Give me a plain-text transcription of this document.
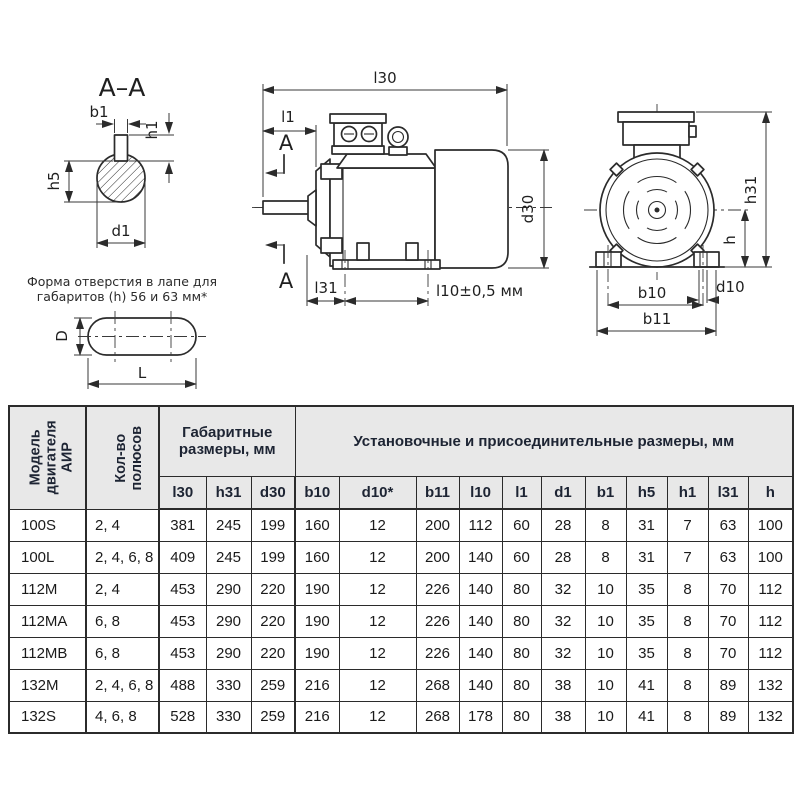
A–A
b1
h1
h5
d1
Форма отверстия в лапе для
габаритов (h) 56 и 63 мм*
D
L
A
A
l30
l1
d30
l31	l10±0,5 мм
h31
h
d10
b10
b11
Модель двигателя АИР	Кол-во полюсов	Габаритные размеры, мм			Установочные и присоединительные размеры, мм										
		l30	h31	d30	b10	d10*	b11	l10	l1	d1	b1	h5	h1	l31	h
100S	2, 4	381	245	199	160	12	200	112	60	28	8	31	7	63	100
100L	2, 4, 6, 8	409	245	199	160	12	200	140	60	28	8	31	7	63	100
112M	2, 4	453	290	220	190	12	226	140	80	32	10	35	8	70	112
112MA	6, 8	453	290	220	190	12	226	140	80	32	10	35	8	70	112
112MB	6, 8	453	290	220	190	12	226	140	80	32	10	35	8	70	112
132M	2, 4, 6, 8	488	330	259	216	12	268	140	80	38	10	41	8	89	132
132S	4, 6, 8	528	330	259	216	12	268	178	80	38	10	41	8	89	132
